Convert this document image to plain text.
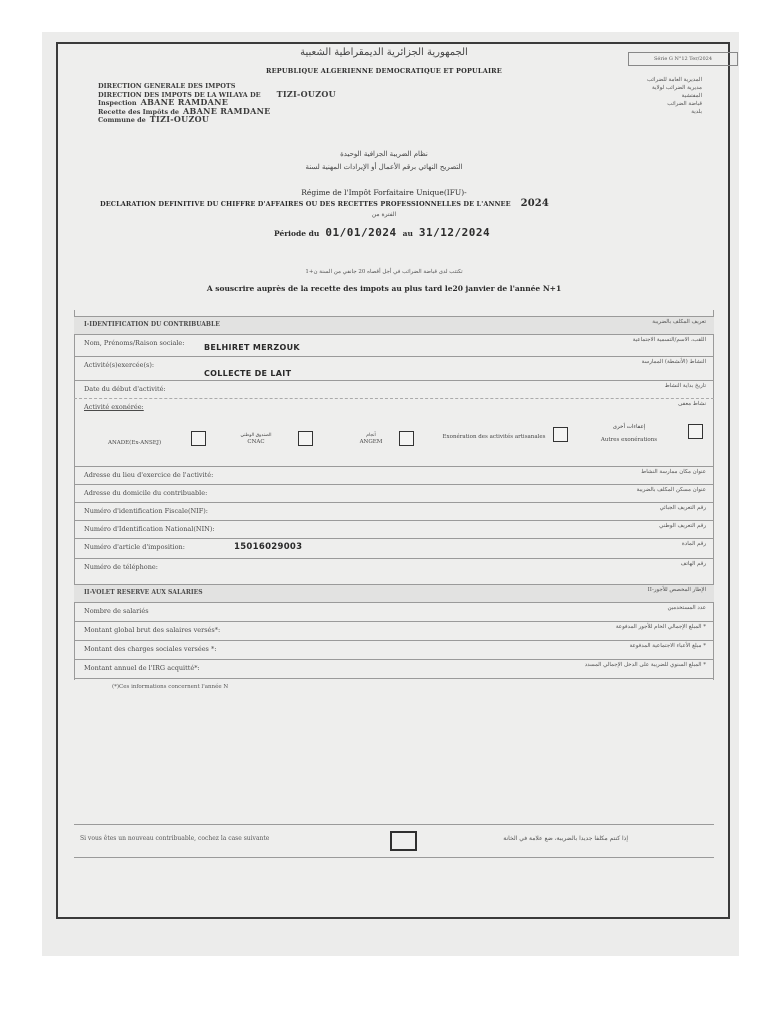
Série G N°12 Ter/2024
الجمهورية الجزائرية الديمقراطية الشعبية
REPUBLIQUE ALGERIENNE DEMOCRATIQUE ET POPULAIRE
DIRECTION GENERALE DES IMPOTS
DIRECTION DES IMPOTS DE LA WILAYA DE TIZI-OUZOU
Inspection ABANE RAMDANE
Recette des Impôts de ABANE RAMDANE
Commune de TIZI-OUZOU
المديرية العامة للضرائب
مديرية الضرائب لولاية
المفتشية
قباضة الضرائب
بلدية
نظام الضريبة الجزافية الوحيدة
التصريح النهائي برقم الأعمال أو الإيرادات المهنية لسنة
Régime de l'Impôt Forfaitaire Unique(IFU)-
DECLARATION DEFINITIVE DU CHIFFRE D'AFFAIRES OU DES RECETTES PROFESSIONNELLES DE L'ANNEE 2024
الفترة من
Période du 01/01/2024 au 31/12/2024
تكتتب لدى قباضة الضرائب في أجل أقصاه 20 جانفي من السنة ن+1
A souscrire auprès de la recette des impots au plus tard le20 janvier de l'année N+1
I-IDENTIFICATION DU CONTRIBUABLE	تعريف المكلف بالضريبة
Nom, Prénoms/Raison sociale:	اللقب، الاسم/التسمية الاجتماعية
BELHIRET MERZOUK
Activité(s)exercée(s):	النشاط (الأنشطة) الممارسة
COLLECTE DE LAIT
Date du début d'activité:	تاريخ بداية النشاط
Activité exonérée:	نشاط معفى
ANADE(Ex-ANSEJ)
الصندوق الوطني
CNAC
أنجام
ANGEM
Exonération des activités artisanales
إعفاءات أخرى
Autres exonérations
Adresse du lieu d'exercice de l'activité:	عنوان مكان ممارسة النشاط
Adresse du domicile du contribuable:	عنوان مسكن المكلف بالضريبة
Numéro d'identification Fiscale(NIF):	رقم التعريف الجبائي
Numéro d'Identification National(NIN):	رقم التعريف الوطني
Numéro d'article d'imposition:	رقم المادة
15016029003
Numéro de téléphone:	رقم الهاتف
II-VOLET RESERVE AUX SALARIES	II-الإطار المخصص للأجور
Nombre de salariés	عدد المستخدمين
Montant global brut des salaires versés*:	المبلغ الإجمالي الخام للأجور المدفوعة *
Montant des charges sociales versées *:	مبلغ الأعباء الاجتماعية المدفوعة *
Montant annuel de l'IRG acquitté*:	المبلغ السنوي للضريبة على الدخل الإجمالي المسدد *
(*)Ces informations concernent l'année N
Si vous êtes un nouveau contribuable, cochez la case suivante	إذا كنتم مكلفا جديدا بالضريبة، ضع علامة في الخانة
